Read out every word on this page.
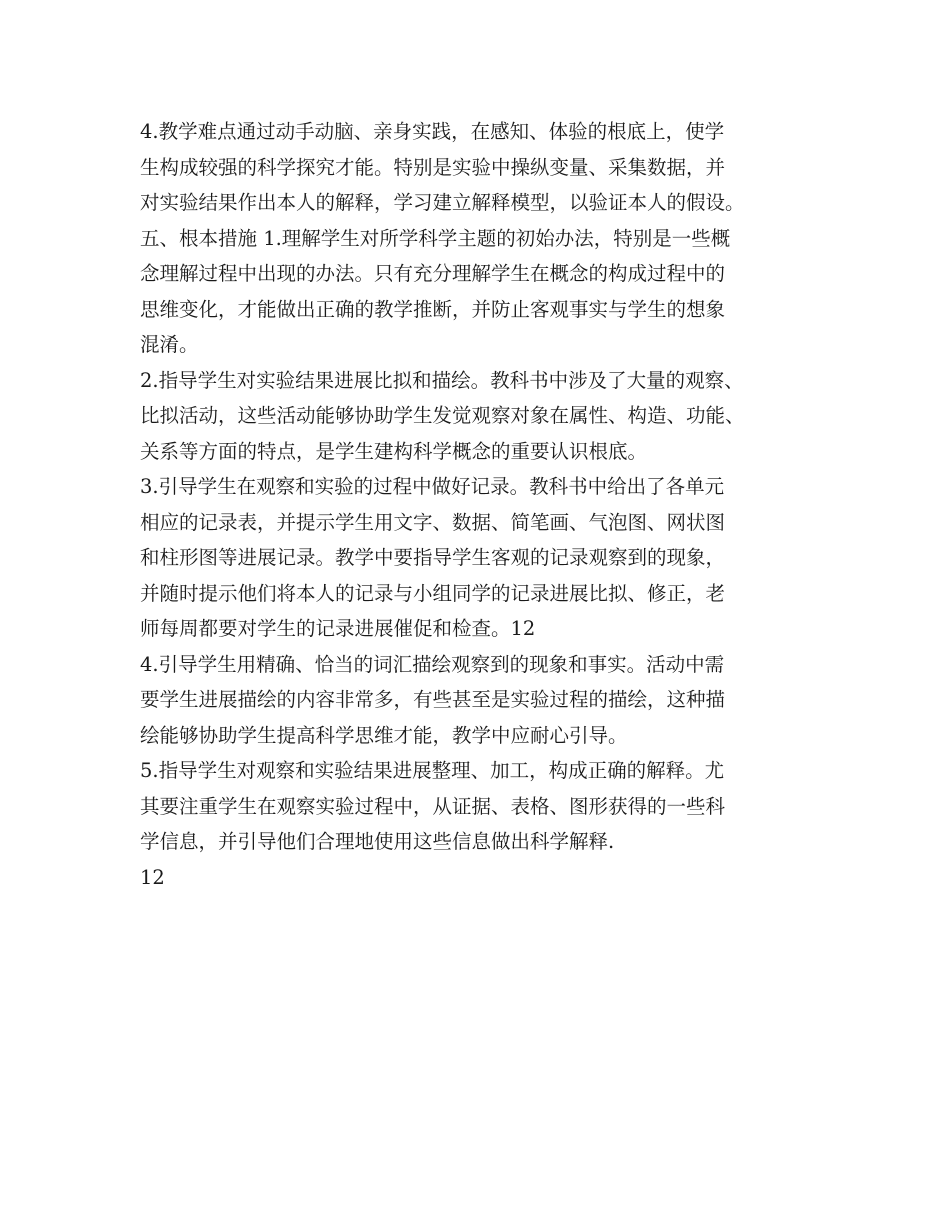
4.教学难点通过动手动脑、亲身实践，在感知、体验的根底上，使学
生构成较强的科学探究才能。特别是实验中操纵变量、采集数据，并
对实验结果作出本人的解释，学习建立解释模型，以验证本人的假设。
五、根本措施 1.理解学生对所学科学主题的初始办法，特别是一些概
念理解过程中出现的办法。只有充分理解学生在概念的构成过程中的
思维变化，才能做出正确的教学推断，并防止客观事实与学生的想象
混淆。
2.指导学生对实验结果进展比拟和描绘。教科书中涉及了大量的观察、
比拟活动，这些活动能够协助学生发觉观察对象在属性、构造、功能、
关系等方面的特点，是学生建构科学概念的重要认识根底。
3.引导学生在观察和实验的过程中做好记录。教科书中给出了各单元
相应的记录表，并提示学生用文字、数据、简笔画、气泡图、网状图
和柱形图等进展记录。教学中要指导学生客观的记录观察到的现象，
并随时提示他们将本人的记录与小组同学的记录进展比拟、修正，老
师每周都要对学生的记录进展催促和检查。12
4.引导学生用精确、恰当的词汇描绘观察到的现象和事实。活动中需
要学生进展描绘的内容非常多，有些甚至是实验过程的描绘，这种描
绘能够协助学生提高科学思维才能，教学中应耐心引导。
5.指导学生对观察和实验结果进展整理、加工，构成正确的解释。尤
其要注重学生在观察实验过程中，从证据、表格、图形获得的一些科
学信息，并引导他们合理地使用这些信息做出科学解释.
12
